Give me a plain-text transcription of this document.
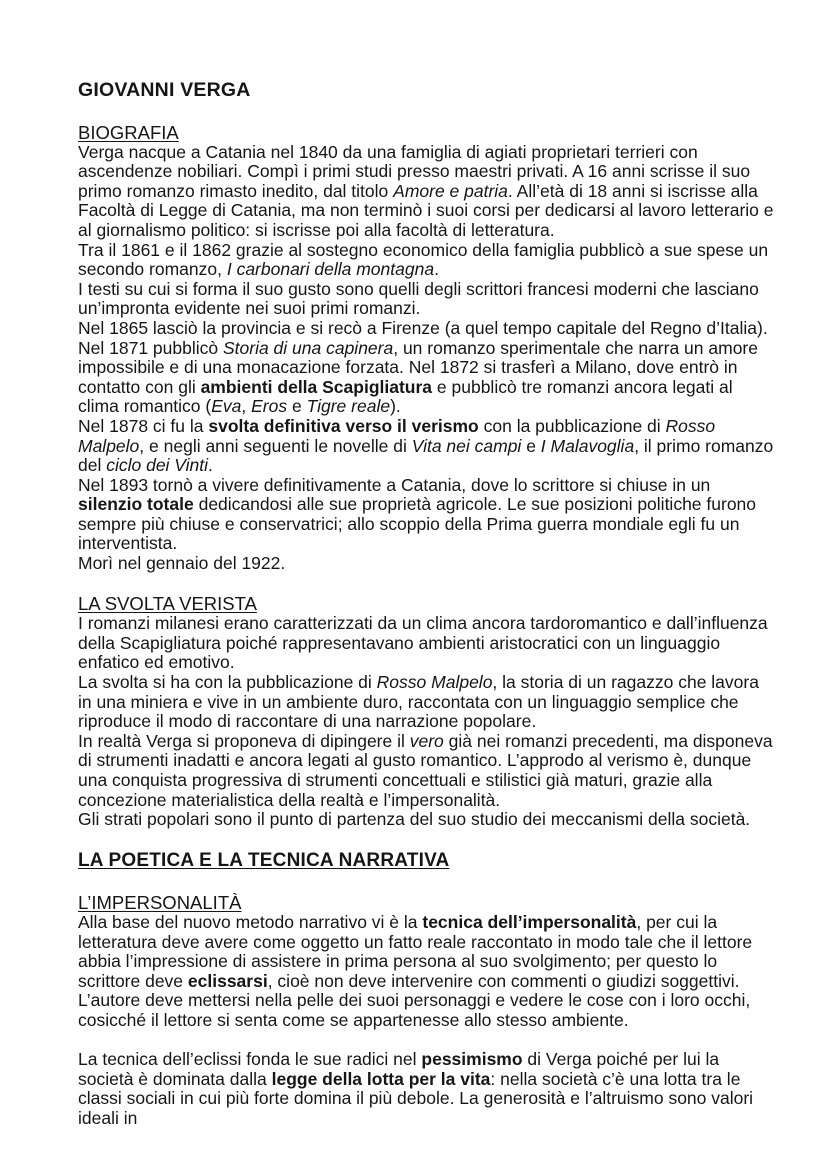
GIOVANNI VERGA
BIOGRAFIA

Verga nacque a Catania nel 1840 da una famiglia di agiati proprietari terrieri con ascendenze nobiliari. Compì i primi studi presso maestri privati. A 16 anni scrisse il suo primo romanzo rimasto inedito, dal titolo Amore e patria. All’età di 18 anni si iscrisse alla Facoltà di Legge di Catania, ma non terminò i suoi corsi per dedicarsi al lavoro letterario e al giornalismo politico: si iscrisse poi alla facoltà di letteratura.
Tra il 1861 e il 1862 grazie al sostegno economico della famiglia pubblicò a sue spese un secondo romanzo, I carbonari della montagna.
I testi su cui si forma il suo gusto sono quelli degli scrittori francesi moderni che lasciano un’impronta evidente nei suoi primi romanzi.
Nel 1865 lasciò la provincia e si recò a Firenze (a quel tempo capitale del Regno d’Italia).
Nel 1871 pubblicò Storia di una capinera, un romanzo sperimentale che narra un amore impossibile e di una monacazione forzata. Nel 1872 si trasferì a Milano, dove entrò in contatto con gli ambienti della Scapigliatura e pubblicò tre romanzi ancora legati al clima romantico (Eva, Eros e Tigre reale).
Nel 1878 ci fu la svolta definitiva verso il verismo con la pubblicazione di Rosso Malpelo, e negli anni seguenti le novelle di Vita nei campi e I Malavoglia, il primo romanzo del ciclo dei Vinti.
Nel 1893 tornò a vivere definitivamente a Catania, dove lo scrittore si chiuse in un silenzio totale dedicandosi alle sue proprietà agricole. Le sue posizioni politiche furono sempre più chiuse e conservatrici; allo scoppio della Prima guerra mondiale egli fu un interventista.
Morì nel gennaio del 1922.

LA SVOLTA VERISTA

I romanzi milanesi erano caratterizzati da un clima ancora tardoromantico e dall’influenza della Scapigliatura poiché rappresentavano ambienti aristocratici con un linguaggio enfatico ed emotivo.
La svolta si ha con la pubblicazione di Rosso Malpelo, la storia di un ragazzo che lavora in una miniera e vive in un ambiente duro, raccontata con un linguaggio semplice che riproduce il modo di raccontare di una narrazione popolare.
In realtà Verga si proponeva di dipingere il vero già nei romanzi precedenti, ma disponeva di strumenti inadatti e ancora legati al gusto romantico. L’approdo al verismo è, dunque una conquista progressiva di strumenti concettuali e stilistici già maturi, grazie alla concezione materialistica della realtà e l’impersonalità.
Gli strati popolari sono il punto di partenza del suo studio dei meccanismi della società.

LA POETICA E LA TECNICA NARRATIVA
L’IMPERSONALITÀ

Alla base del nuovo metodo narrativo vi è la tecnica dell’impersonalità, per cui la letteratura deve avere come oggetto un fatto reale raccontato in modo tale che il lettore abbia l’impressione di assistere in prima persona al suo svolgimento; per questo lo scrittore deve eclissarsi, cioè non deve intervenire con commenti o giudizi soggettivi. L’autore deve mettersi nella pelle dei suoi personaggi e vedere le cose con i loro occhi, cosicché il lettore si senta come se appartenesse allo stesso ambiente.

La tecnica dell’eclissi fonda le sue radici nel pessimismo di Verga poiché per lui la società è dominata dalla legge della lotta per la vita: nella società c’è una lotta tra le classi sociali in cui più forte domina il più debole. La generosità e l’altruismo sono valori ideali in
